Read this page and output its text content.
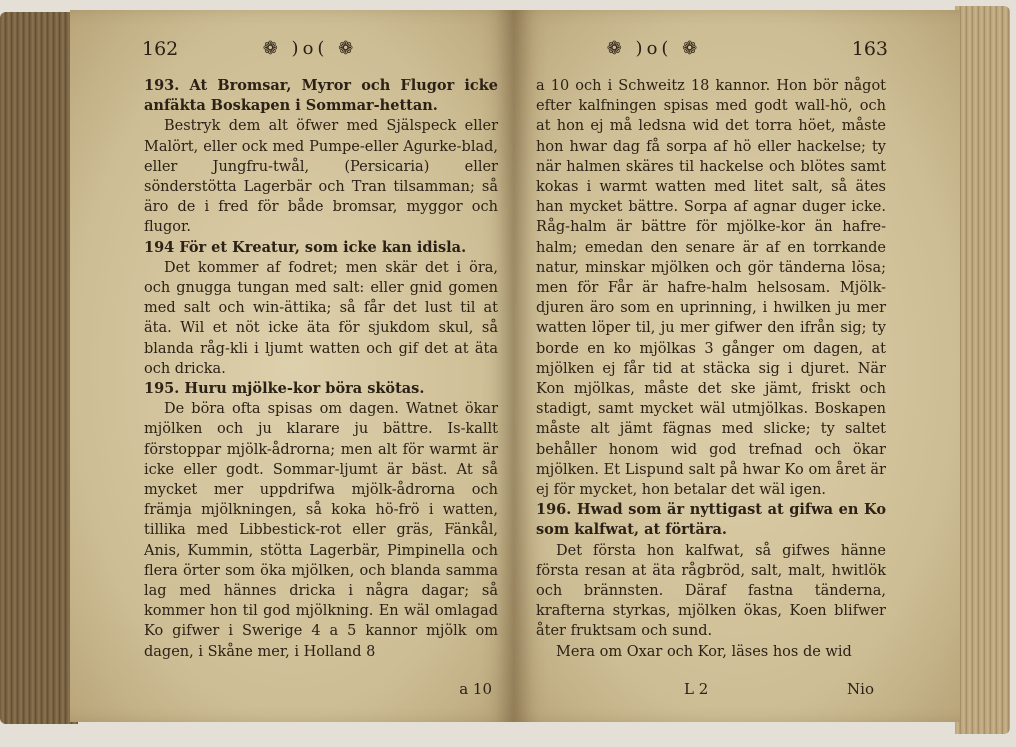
162	❁ )o( ❁

193. At Bromsar, Myror och Flugor icke anfäkta Boskapen i Sommar-hettan.

Bestryk dem alt öfwer med Själspeck eller Malört, eller ock med Pumpe-eller Agurke-blad, eller Jungfru-twål, (Persicaria) eller sönderstötta Lagerbär och Tran tilsamman; så äro de i fred för både bromsar, myggor och flugor.

194 För et Kreatur, som icke kan idisla.

Det kommer af fodret; men skär det i öra, och gnugga tungan med salt: eller gnid gomen med salt och win-ättika; så får det lust til at äta. Wil et nöt icke äta för sjukdom skul, så blanda råg-kli i ljumt watten och gif det at äta och dricka.

195. Huru mjölke-kor böra skötas.

De böra ofta spisas om dagen. Watnet ökar mjölken och ju klarare ju bättre. Is-kallt förstoppar mjölk-ådrorna; men alt för warmt är icke eller godt. Sommar-ljumt är bäst. At så mycket mer uppdrifwa mjölk-ådrorna och främja mjölkningen, så koka hö-frö i watten, tillika med Libbestick-rot eller gräs, Fänkål, Anis, Kummin, stötta Lagerbär, Pimpinella och flera örter som öka mjölken, och blanda samma lag med hännes dricka i några dagar; så kommer hon til god mjölkning. En wäl omlagad Ko gifwer i Swerige 4 a 5 kannor mjölk om dagen, i Skåne mer, i Holland 8

a 10
❁ )o( ❁	163

a 10 och i Schweitz 18 kannor. Hon bör något efter kalfningen spisas med godt wall-hö, och at hon ej må ledsna wid det torra höet, måste hon hwar dag få sorpa af hö eller hackelse; ty när halmen skäres til hackelse och blötes samt kokas i warmt watten med litet salt, så ätes han mycket bättre. Sorpa af agnar duger icke. Råg-halm är bättre för mjölke-kor än hafre-halm; emedan den senare är af en torrkande natur, minskar mjölken och gör tänderna lösa; men för Får är hafre-halm helsosam. Mjölk-djuren äro som en uprinning, i hwilken ju mer watten löper til, ju mer gifwer den ifrån sig; ty borde en ko mjölkas 3 gånger om dagen, at mjölken ej får tid at stäcka sig i djuret. När Kon mjölkas, måste det ske jämt, friskt och stadigt, samt mycket wäl utmjölkas. Boskapen måste alt jämt fägnas med slicke; ty saltet behåller honom wid god trefnad och ökar mjölken. Et Lispund salt på hwar Ko om året är ej för mycket, hon betalar det wäl igen.

196. Hwad som är nyttigast at gifwa en Ko som kalfwat, at förtära.

Det första hon kalfwat, så gifwes hänne första resan at äta rågbröd, salt, malt, hwitlök och brännsten. Däraf fastna tänderna, krafterna styrkas, mjölken ökas, Koen blifwer åter fruktsam och sund.

Mera om Oxar och Kor, läses hos de wid

L 2	Nio
